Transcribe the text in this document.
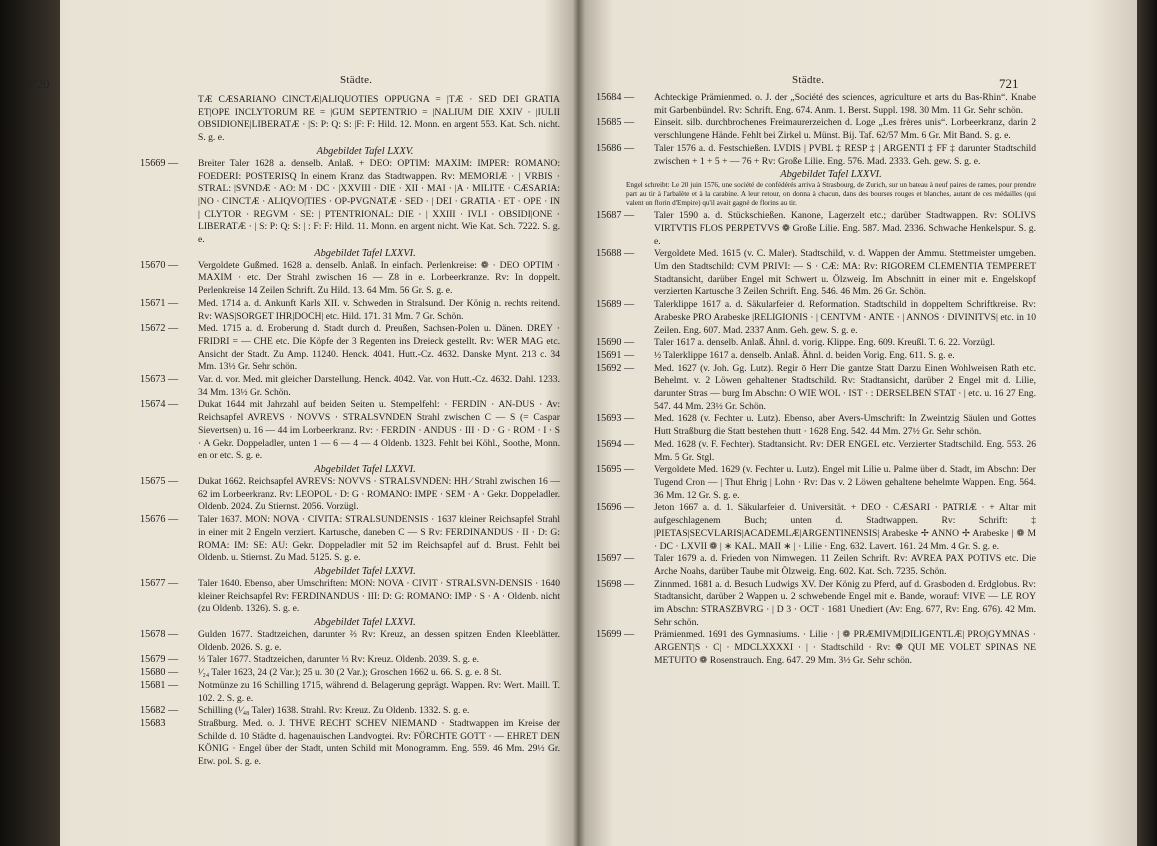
720	Städte.

TÆ CÆSARIANO CINCTÆ|ALIQUOTIES OPPUGNA = |TÆ · SED DEI GRATIA ET|OPE INCLYTORUM RE = |GUM SEPTENTRIO = |NALIUM DIE XXIV · |IULII OBSIDIONE|LIBERATÆ · |S: P: Q: S: |F: F: Hild. 12. Monn. en argent 553. Kat. Sch. nicht. S. g. e.

Abgebildet Tafel LXXV.

15669 — Breiter Taler 1628 a. denselb. Anlaß. + DEO: OPTIM: MAXIM: IMPER: ROMANO: FOEDERI: POSTERISQ In einem Kranz das Stadtwappen. Rv: MEMORIÆ · | VRBIS · STRAL: |SVNDÆ · AO: M · DC · |XXVIII · DIE · XII · MAI · |A · MILITE · CÆSARIA: |NO · CINCTÆ · ALIQVO|TIES · OP-PVGNATÆ · SED · | DEI · GRATIA · ET · OPE · IN | CLYTOR · REGVM · SE: | PTENTRIONAL: DIE · | XXIII · IVLI · OBSIDI|ONE · LIBERATÆ · | S: P: Q: S: | : F: F: Hild. 11. Monn. en argent nicht. Wie Kat. Sch. 7222. S. g. e.

Abgebildet Tafel LXXVI.

15670 — Vergoldete Gußmed. 1628 a. denselb. Anlaß. In einfach. Perlenkreise: ❁ · DEO OPTIM · MAXIM · etc. Der Strahl zwischen 16 — Z8 in e. Lorbeerkranze. Rv: In doppelt. Perlenkreise 14 Zeilen Schrift. Zu Hild. 13. 64 Mm. 56 Gr. S. g. e.

15671 — Med. 1714 a. d. Ankunft Karls XII. v. Schweden in Stralsund. Der König n. rechts reitend. Rv: WAS|SORGET IHR|DOCH| etc. Hild. 171. 31 Mm. 7 Gr. Schön.

15672 — Med. 1715 a. d. Eroberung d. Stadt durch d. Preußen, Sachsen-Polen u. Dänen. DREY · FRIDRI = — CHE etc. Die Köpfe der 3 Regenten ins Dreieck gestellt. Rv: WER MAG etc. Ansicht der Stadt. Zu Amp. 11240. Henck. 4041. Hutt.-Cz. 4632. Danske Mynt. 213 c. 34 Mm. 13½ Gr. Sehr schön.

15673 — Var. d. vor. Med. mit gleicher Darstellung. Henck. 4042. Var. von Hutt.-Cz. 4632. Dahl. 1233. 34 Mm. 13½ Gr. Schön.

15674 — Dukat 1644 mit Jahrzahl auf beiden Seiten u. Stempelfehl: · FERDIN · AN-DUS · Av: Reichsapfel AVREVS · NOVVS · STRALSVNDEN Strahl zwischen C — S (= Caspar Sievertsen) u. 16 — 44 im Lorbeerkranz. Rv: · FERDIN · ANDUS · III · D · G · ROM · I · S · A Gekr. Doppeladler, unten 1 — 6 — 4 — 4 Oldenb. 1323. Fehlt bei Köhl., Soothe, Monn. en or etc. S. g. e.

Abgebildet Tafel LXXVI.

15675 — Dukat 1662. Reichsapfel AVREVS: NOVVS · STRALSVNDEN: HH ⁄ Strahl zwischen 16 — 62 im Lorbeerkranz. Rv: LEOPOL · D: G · ROMANO: IMPE · SEM · A · Gekr. Doppeladler. Oldenb. 2024. Zu Stiernst. 2056. Vorzügl.

15676 — Taler 1637. MON: NOVA · CIVITA: STRALSUNDENSIS · 1637 kleiner Reichsapfel Strahl in einer mit 2 Engeln verziert. Kartusche, daneben C — S Rv: FERDINANDUS · II · D: G: ROMA: IM: SE: AU: Gekr. Doppeladler mit 52 im Reichsapfel auf d. Brust. Fehlt bei Oldenb. u. Stiernst. Zu Mad. 5125. S. g. e.

Abgebildet Tafel LXXVI.

15677 — Taler 1640. Ebenso, aber Umschriften: MON: NOVA · CIVIT · STRALSVN-DENSIS · 1640 kleiner Reichsapfel Rv: FERDINANDUS · III: D: G: ROMANO: IMP · S · A · Oldenb. nicht (zu Oldenb. 1326). S. g. e.

Abgebildet Tafel LXXVI.

15678 — Gulden 1677. Stadtzeichen, darunter ⅔ Rv: Kreuz, an dessen spitzen Enden Kleeblätter. Oldenb. 2026. S. g. e.

15679 — ⅓ Taler 1677. Stadtzeichen, darunter ⅓ Rv: Kreuz. Oldenb. 2039. S. g. e.

15680 — ¹⁄₂₄ Taler 1623, 24 (2 Var.); 25 u. 30 (2 Var.); Groschen 1662 u. 66. S. g. e. 8 St.

15681 — Notmünze zu 16 Schilling 1715, während d. Belagerung geprägt. Wappen. Rv: Wert. Maill. T. 102. 2. S. g. e.

15682 — Schilling (¹⁄₄₈ Taler) 1638. Strahl. Rv: Kreuz. Zu Oldenb. 1332. S. g. e.

15683	Straßburg. Med. o. J. THVE RECHT SCHEV NIEMAND · Stadtwappen im Kreise der Schilde d. 10 Städte d. hagenauischen Landvogtei. Rv: FÖRCHTE GOTT · — EHRET DEN KÖNIG · Engel über der Stadt, unten Schild mit Monogramm. Eng. 559. 46 Mm. 29½ Gr. Etw. pol. S. g. e.

Städte.	721

15684 — Achteckige Prämienmed. o. J. der „Société des sciences, agriculture et arts du Bas-Rhin“. Knabe mit Garbenbündel. Rv: Schrift. Eng. 674. Anm. 1. Berst. Suppl. 198. 30 Mm. 11 Gr. Sehr schön.

15685 — Einseit. silb. durchbrochenes Freimaurerzeichen d. Loge „Les frères unis“. Lorbeerkranz, darin 2 verschlungene Hände. Fehlt bei Zirkel u. Münst. Bij. Taf. 62/57 Mm. 6 Gr. Mit Band. S. g. e.

15686 — Taler 1576 a. d. Festschießen. LVDIS | PVBL ‡ RESP ‡ | ARGENTI ‡ FF ‡ darunter Stadtschild zwischen + 1 + 5 + — 76 + Rv: Große Lilie. Eng. 576. Mad. 2333. Geh. gew. S. g. e.

Abgebildet Tafel LXXVI.

Engel schreibt: Le 20 juin 1576, une société de confédérés arriva à Strasbourg, de Zurich, sur un bateau à neuf paires de rames, pour prendre part au tir à l'arbalète et à la carabine. A leur retour, on donna à chacun, dans des bourses rouges et blanches, autant de ces médailles (qui valent un florin d'Empire) qu'il avait gagné de florins au tir.

15687 — Taler 1590 a. d. Stückschießen. Kanone, Lagerzelt etc.; darüber Stadtwappen. Rv: SOLIVS VIRTVTIS FLOS PERPETVVS ❁ Große Lilie. Eng. 587. Mad. 2336. Schwache Henkelspur. S. g. e.

15688 — Vergoldete Med. 1615 (v. C. Maler). Stadtschild, v. d. Wappen der Ammu. Stettmeister umgeben. Um den Stadtschild: CVM PRIVI: — S · CÆ: MA: Rv: RIGOREM CLEMENTIA TEMPERET Stadtansicht, darüber Engel mit Schwert u. Ölzweig. Im Abschnitt in einer mit e. Engelskopf verzierten Kartusche 3 Zeilen Schrift. Eng. 546. 46 Mm. 26 Gr. Schön.

15689 — Talerklippe 1617 a. d. Säkularfeier d. Reformation. Stadtschild in doppeltem Schriftkreise. Rv: Arabeske PRO Arabeske |RELIGIONIS · | CENTVM · ANTE · | ANNOS · DIVINITVS| etc. in 10 Zeilen. Eng. 607. Mad. 2337 Anm. Geh. gew. S. g. e.

15690 — Taler 1617 a. denselb. Anlaß. Ähnl. d. vorig. Klippe. Eng. 609. Kreußl. T. 6. 22. Vorzügl.

15691 — ½ Talerklippe 1617 a. denselb. Anlaß. Ähnl. d. beiden Vorig. Eng. 611. S. g. e.

15692 — Med. 1627 (v. Joh. Gg. Lutz). Regir ō Herr Die gantze Statt Darzu Einen Wohlweisen Rath etc. Behelmt. v. 2 Löwen gehaltener Stadtschild. Rv: Stadtansicht, darüber 2 Engel mit d. Lilie, darunter Stras — burg Im Abschn: O WIE WOL · IST · : DERSELBEN STAT · | etc. u. 16 27 Eng. 547. 44 Mm. 23½ Gr. Schön.

15693 — Med. 1628 (v. Fechter u. Lutz). Ebenso, aber Avers-Umschrift: In Zweintzig Säulen und Gottes Hutt Straßburg die Statt bestehen thutt · 1628 Eng. 542. 44 Mm. 27½ Gr. Sehr schön.

15694 — Med. 1628 (v. F. Fechter). Stadtansicht. Rv: DER ENGEL etc. Verzierter Stadtschild. Eng. 553. 26 Mm. 5 Gr. Stgl.

15695 — Vergoldete Med. 1629 (v. Fechter u. Lutz). Engel mit Lilie u. Palme über d. Stadt, im Abschn: Der Tugend Cron — | Thut Ehrig | Lohn · Rv: Das v. 2 Löwen gehaltene behelmte Wappen. Eng. 564. 36 Mm. 12 Gr. S. g. e.

15696 — Jeton 1667 a. d. 1. Säkularfeier d. Universität. + DEO · CÆSARI · PATRIÆ · + Altar mit aufgeschlagenem Buch; unten d. Stadtwappen. Rv: Schrift: ‡ |PIETAS|SECVLARIS|ACADEMLÆ|ARGENTINENSIS| Arabeske ✢ ANNO ✢ Arabeske | ❁ M · DC · LXVII ❁ | ∗ KAL. MAII ∗ | · Lilie · Eng. 632. Lavert. 161. 24 Mm. 4 Gr. S. g. e.

15697 — Taler 1679 a. d. Frieden von Nimwegen. 11 Zeilen Schrift. Rv: AVREA PAX POTIVS etc. Die Arche Noahs, darüber Taube mit Ölzweig. Eng. 602. Kat. Sch. 7235. Schön.

15698 — Zinnmed. 1681 a. d. Besuch Ludwigs XV. Der König zu Pferd, auf d. Grasboden d. Erdglobus. Rv: Stadtansicht, darüber 2 Wappen u. 2 schwebende Engel mit e. Bande, worauf: VIVE — LE ROY im Abschn: STRASZBVRG · | D 3 · OCT · 1681 Unediert (Av: Eng. 677, Rv: Eng. 676). 42 Mm. Sehr schön.

15699 — Prämienmed. 1691 des Gymnasiums. · Lilie · | ❁ PRÆMIVM|DILIGENTLÆ| PRO|GYMNAS · ARGENT|S · C| · MDCLXXXXI · | · Stadtschild · Rv: ❁ QUI ME VOLET SPINAS NE METUITO ❁ Rosenstrauch. Eng. 647. 29 Mm. 3½ Gr. Sehr schön.
